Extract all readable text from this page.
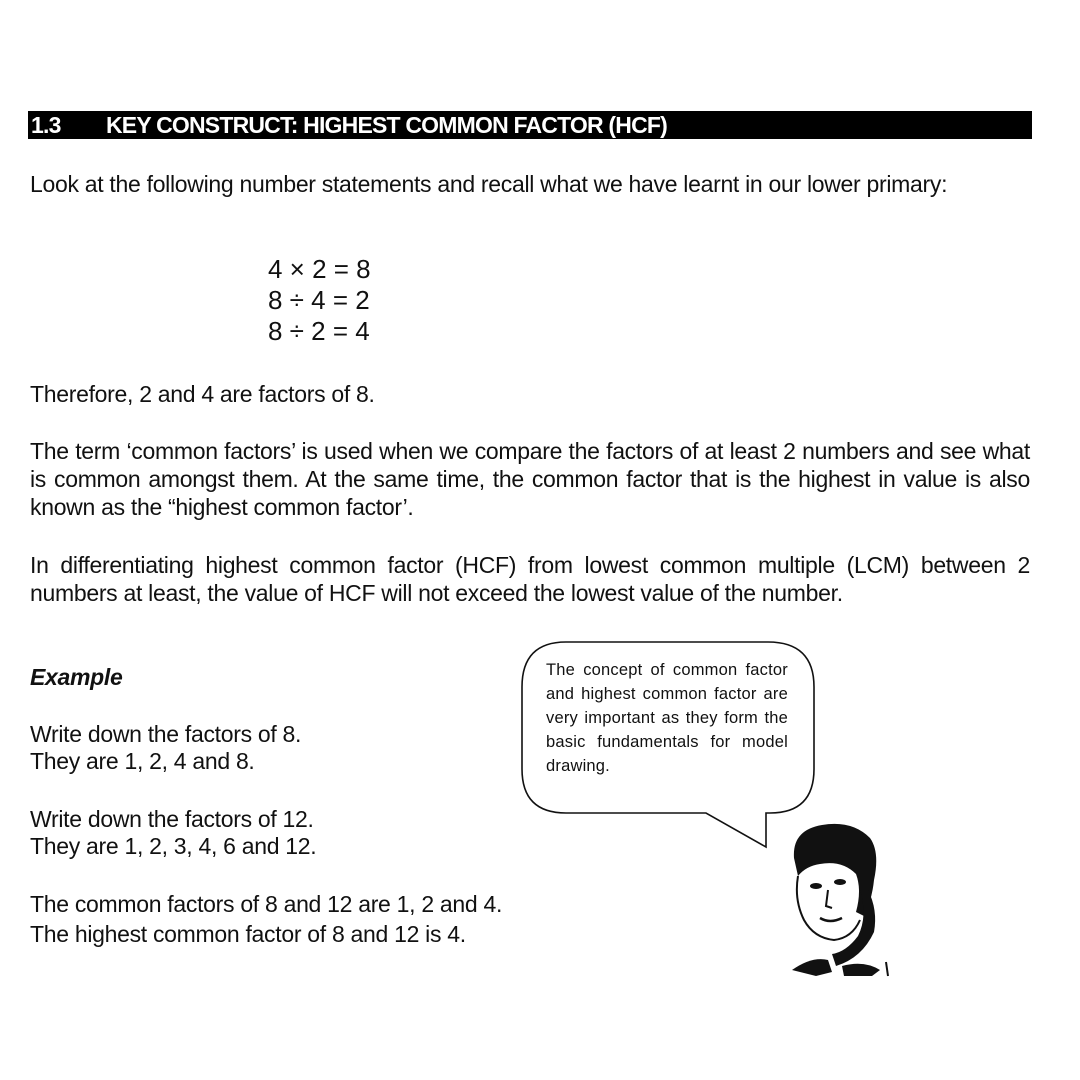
1.3 KEY CONSTRUCT: HIGHEST COMMON FACTOR (HCF)
Look at the following number statements and recall what we have learnt in our lower primary:
4 × 2 = 8
8 ÷ 4 = 2
8 ÷ 2 = 4
Therefore, 2 and 4 are factors of 8.
The term ‘common factors’ is used when we compare the factors of at least 2 numbers and see what is common amongst them. At the same time, the common factor that is the highest in value is also known as the “highest common factor’.
In differentiating highest common factor (HCF) from lowest common multiple (LCM) between 2 numbers at least, the value of HCF will not exceed the lowest value of the number.
Example
Write down the factors of 8.
They are 1, 2, 4 and 8.
Write down the factors of 12.
They are 1, 2, 3, 4, 6 and 12.
The common factors of 8 and 12 are 1, 2 and 4.
The highest common factor of 8 and 12 is 4.
The concept of common factor and highest common factor are very important as they form the basic fundamentals for model drawing.
